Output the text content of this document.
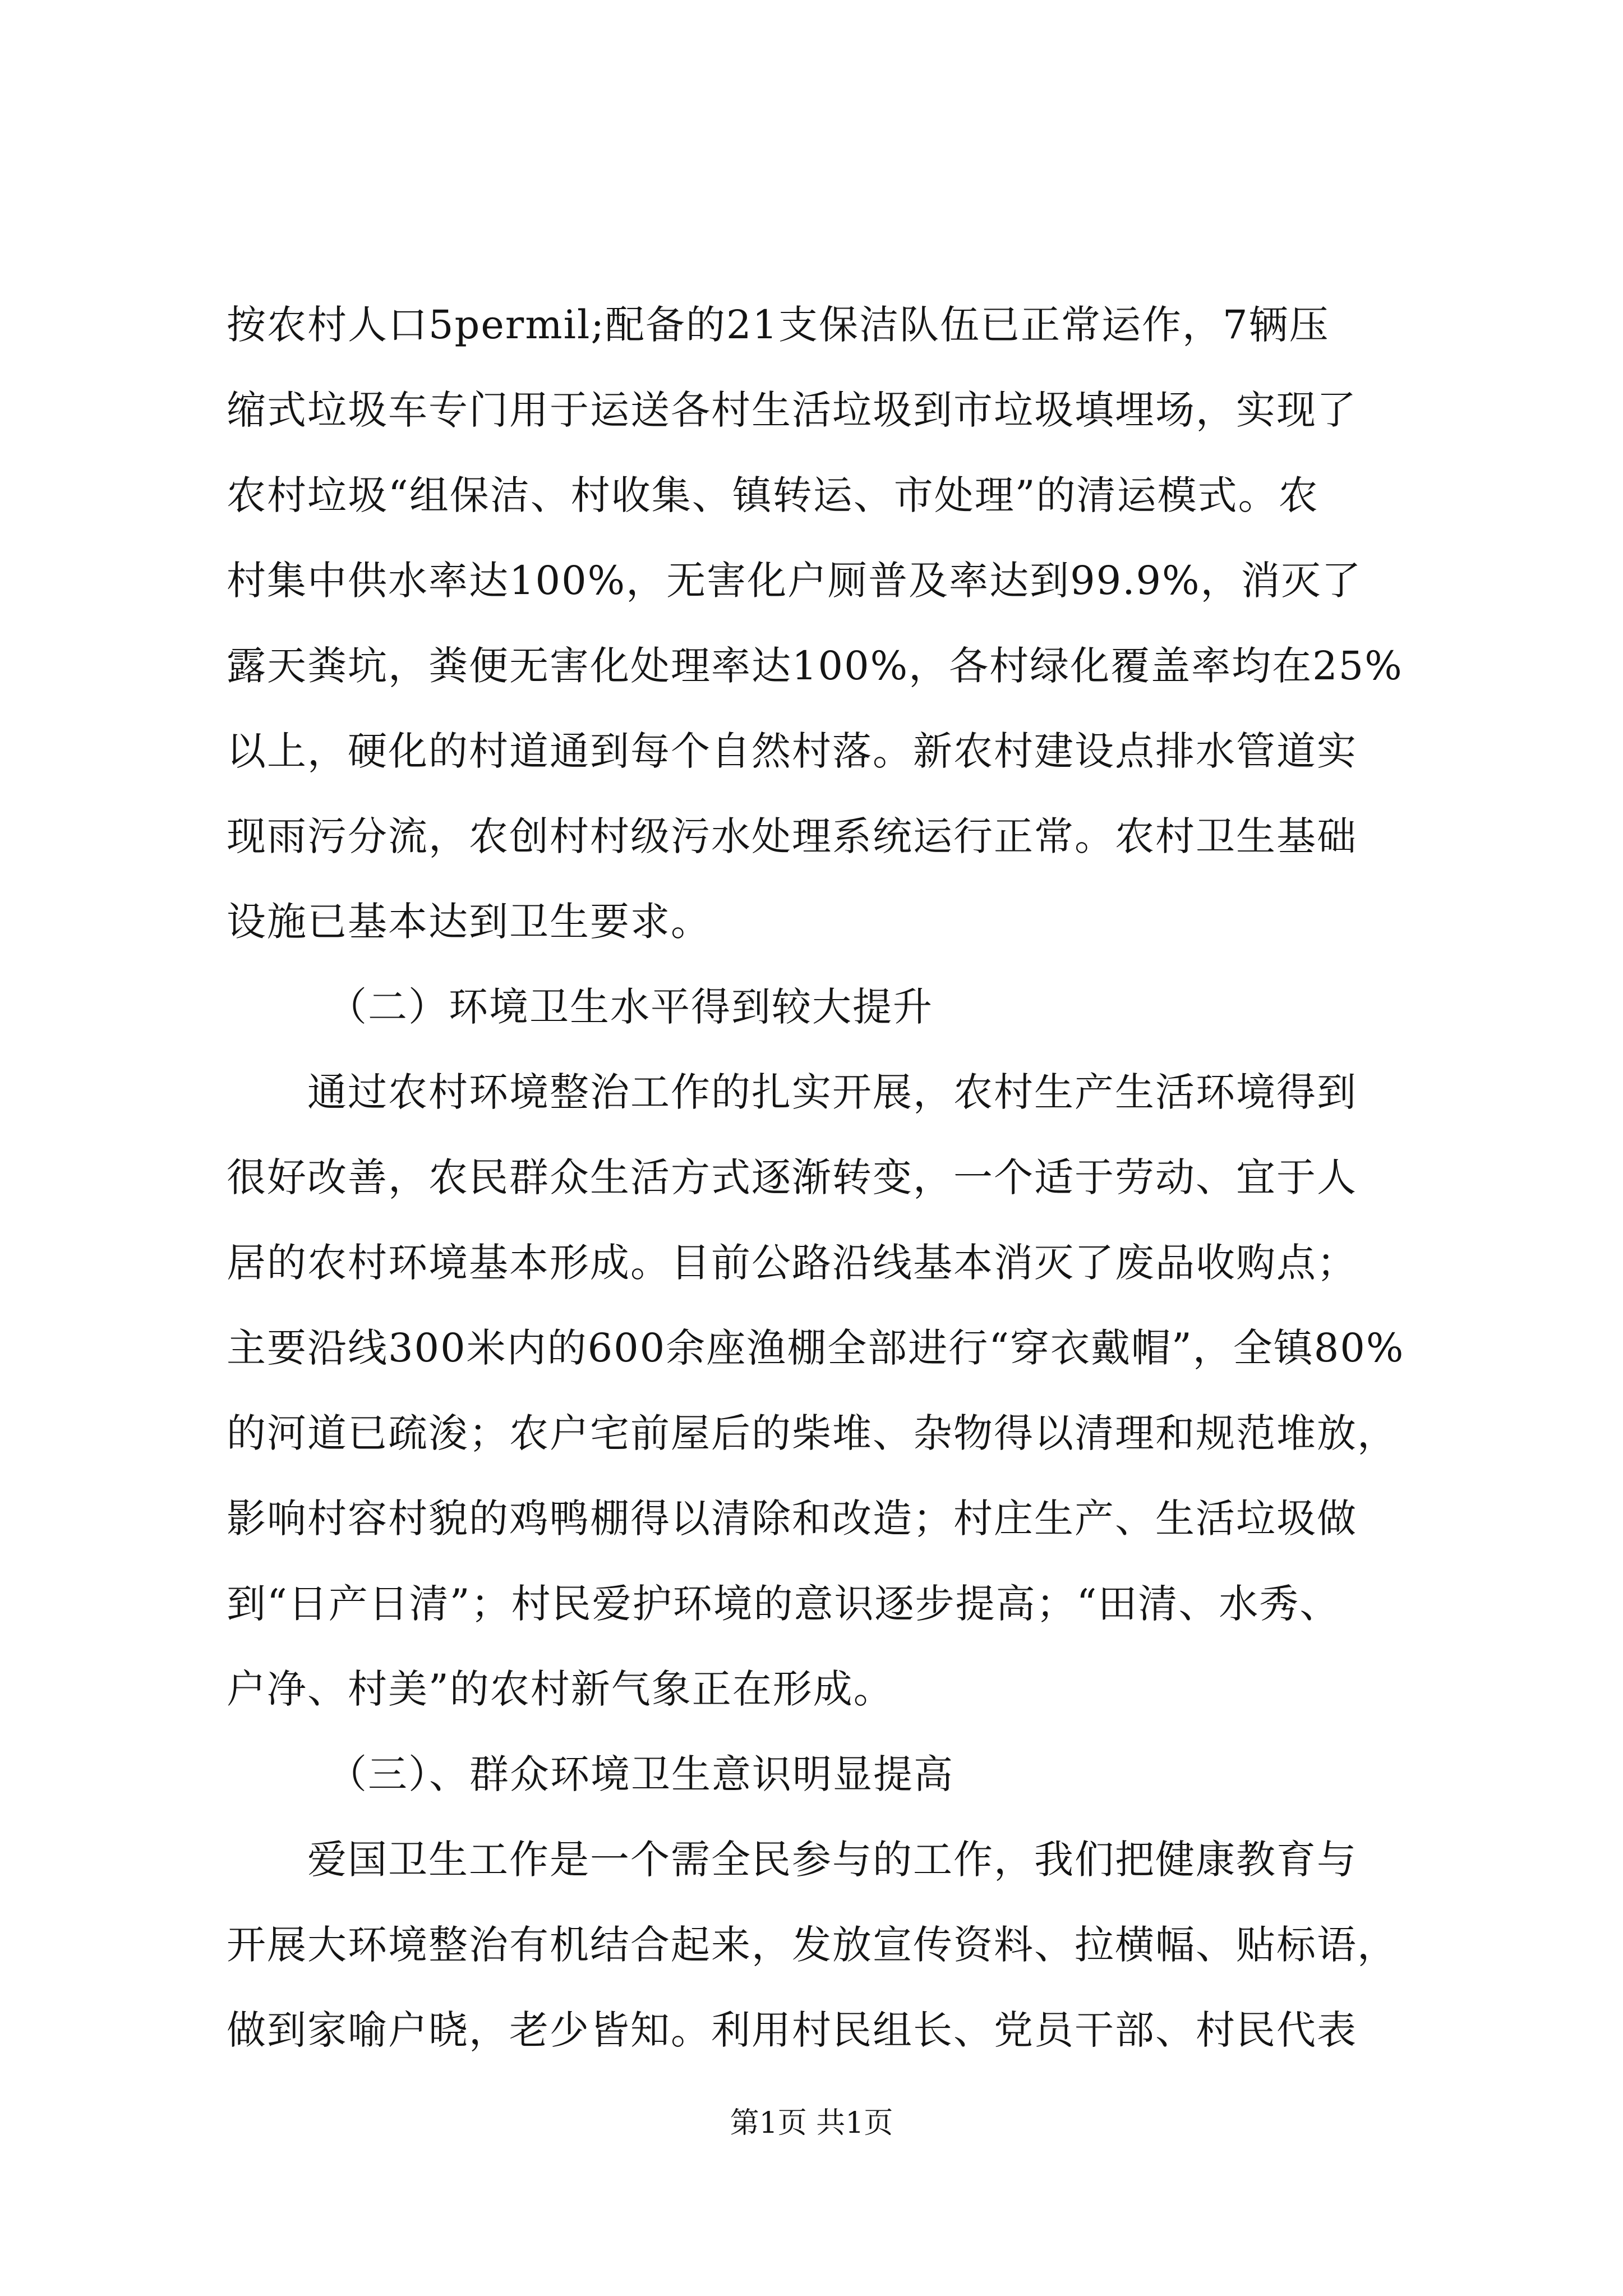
按农村人口5permil;配备的21支保洁队伍已正常运作，7辆压
缩式垃圾车专门用于运送各村生活垃圾到市垃圾填埋场，实现了
农村垃圾“组保洁、村收集、镇转运、市处理”的清运模式。农
村集中供水率达100%，无害化户厕普及率达到99.9%，消灭了
露天粪坑，粪便无害化处理率达100%，各村绿化覆盖率均在25%
以上，硬化的村道通到每个自然村落。新农村建设点排水管道实
现雨污分流，农创村村级污水处理系统运行正常。农村卫生基础
设施已基本达到卫生要求。
（二）环境卫生水平得到较大提升
通过农村环境整治工作的扎实开展，农村生产生活环境得到
很好改善，农民群众生活方式逐渐转变，一个适于劳动、宜于人
居的农村环境基本形成。目前公路沿线基本消灭了废品收购点；
主要沿线300米内的600余座渔棚全部进行“穿衣戴帽”，全镇80%
的河道已疏浚；农户宅前屋后的柴堆、杂物得以清理和规范堆放，
影响村容村貌的鸡鸭棚得以清除和改造；村庄生产、生活垃圾做
到“日产日清”；村民爱护环境的意识逐步提高；“田清、水秀、
户净、村美”的农村新气象正在形成。
（三）、群众环境卫生意识明显提高
爱国卫生工作是一个需全民参与的工作，我们把健康教育与
开展大环境整治有机结合起来，发放宣传资料、拉横幅、贴标语，
做到家喻户晓，老少皆知。利用村民组长、党员干部、村民代表
第1页 共1页
